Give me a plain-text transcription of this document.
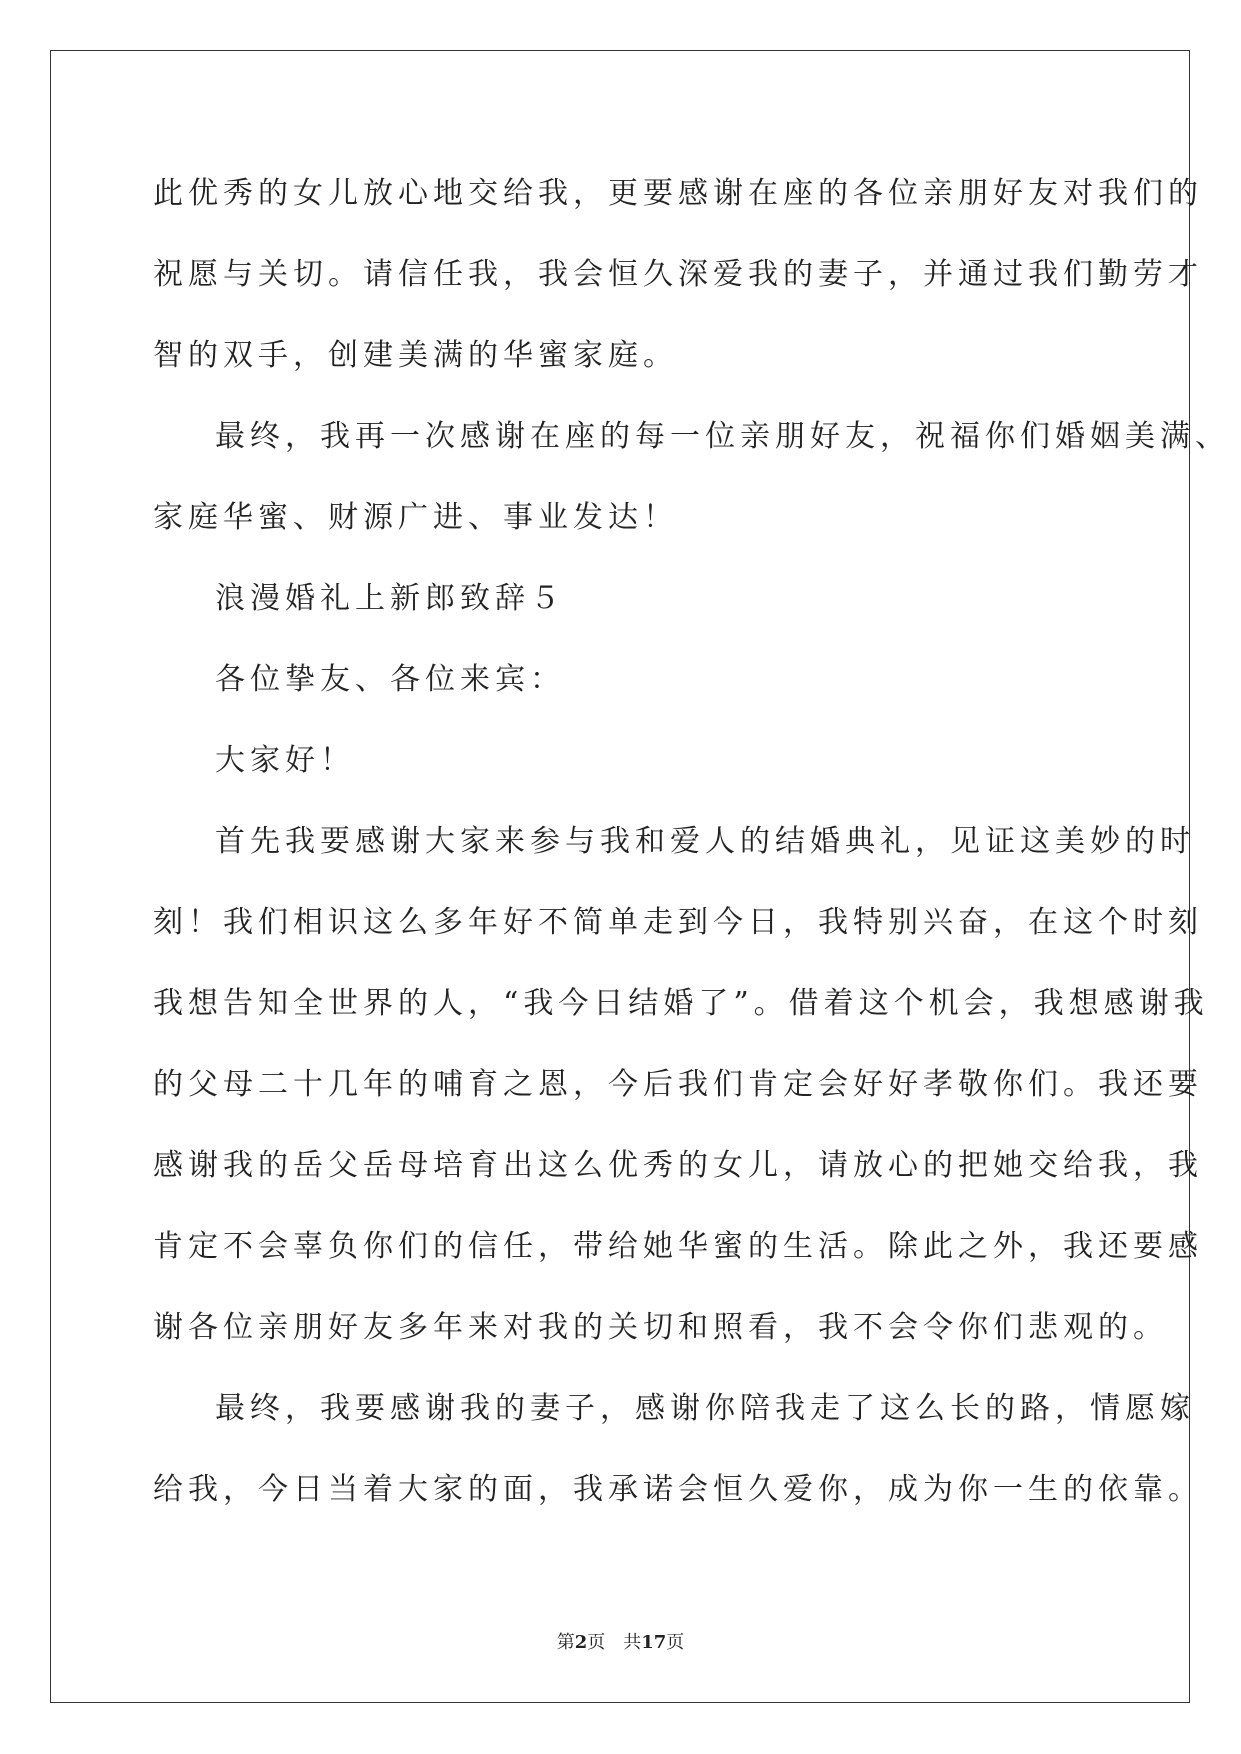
此优秀的女儿放心地交给我，更要感谢在座的各位亲朋好友对我们的
祝愿与关切。请信任我，我会恒久深爱我的妻子，并通过我们勤劳才
智的双手，创建美满的华蜜家庭。
最终，我再一次感谢在座的每一位亲朋好友，祝福你们婚姻美满、
家庭华蜜、财源广进、事业发达！
浪漫婚礼上新郎致辞５
各位挚友、各位来宾：
大家好！
首先我要感谢大家来参与我和爱人的结婚典礼，见证这美妙的时
刻！我们相识这么多年好不简单走到今日，我特别兴奋，在这个时刻
我想告知全世界的人，“我今日结婚了”。借着这个机会，我想感谢我
的父母二十几年的哺育之恩，今后我们肯定会好好孝敬你们。我还要
感谢我的岳父岳母培育出这么优秀的女儿，请放心的把她交给我，我
肯定不会辜负你们的信任，带给她华蜜的生活。除此之外，我还要感
谢各位亲朋好友多年来对我的关切和照看，我不会令你们悲观的。
最终，我要感谢我的妻子，感谢你陪我走了这么长的路，情愿嫁
给我，今日当着大家的面，我承诺会恒久爱你，成为你一生的依靠。
第2页 共17页
